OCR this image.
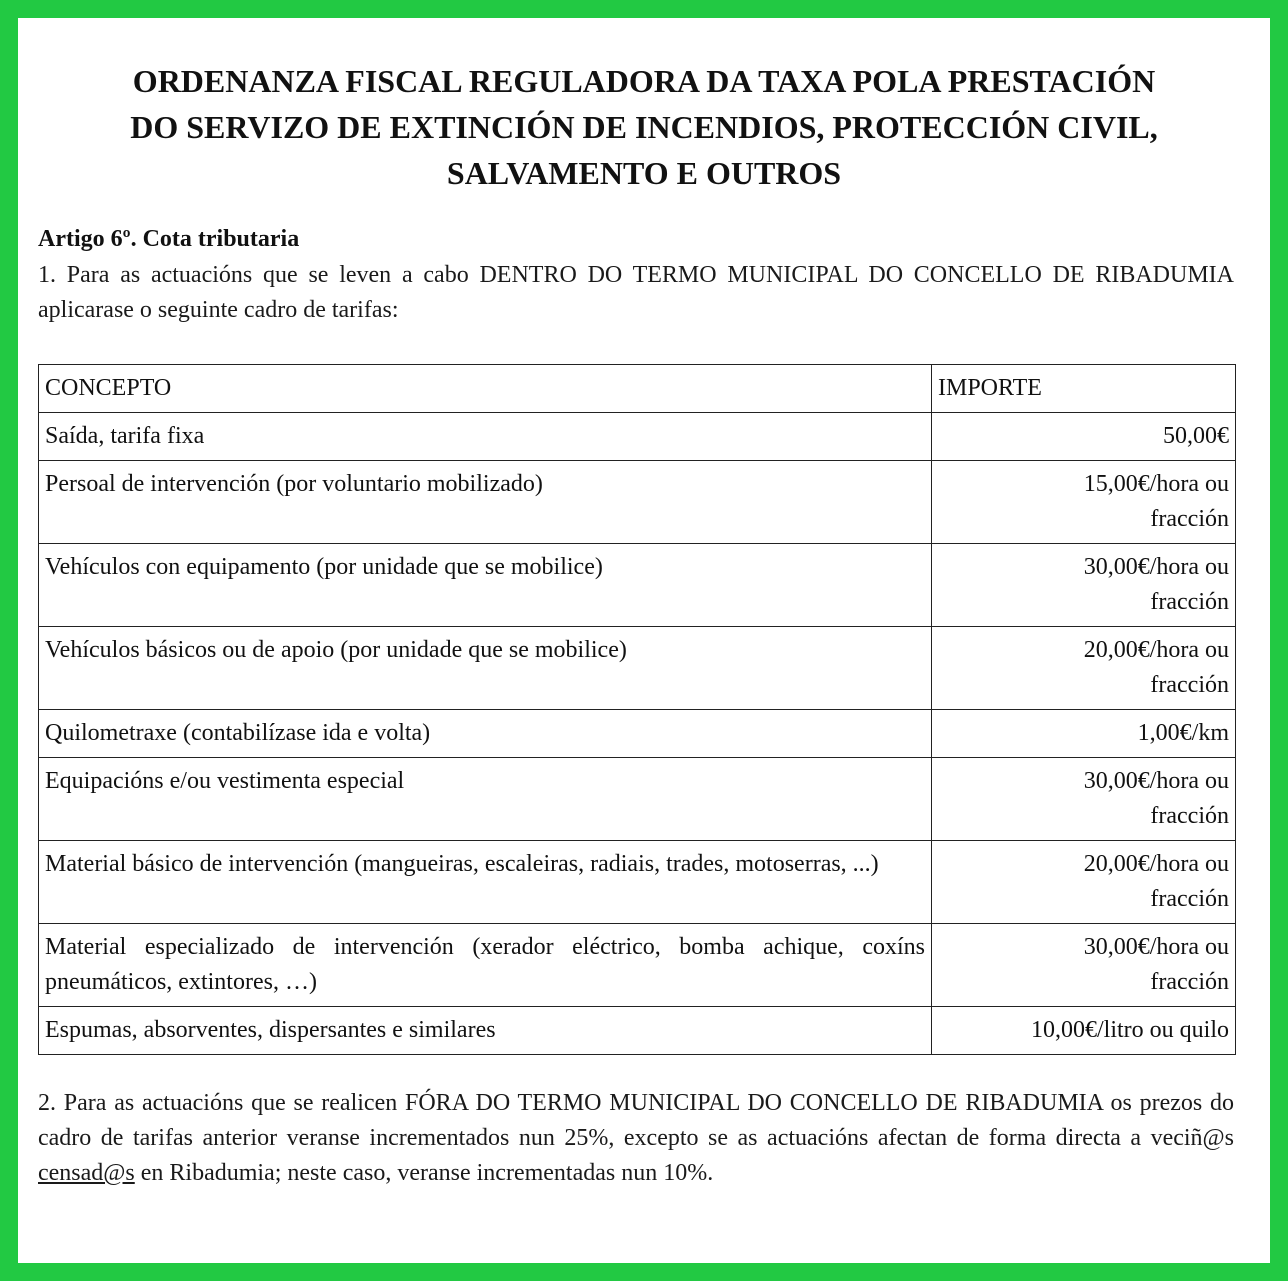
ORDENANZA FISCAL REGULADORA DA TAXA POLA PRESTACIÓN
DO SERVIZO DE EXTINCIÓN DE INCENDIOS, PROTECCIÓN CIVIL,
SALVAMENTO E OUTROS
Artigo 6º. Cota tributaria
1. Para as actuacións que se leven a cabo DENTRO DO TERMO MUNICIPAL DO CONCELLO DE RIBADUMIA aplicarase o seguinte cadro de tarifas:
CONCEPTO	IMPORTE
Saída, tarifa fixa	50,00€

Persoal de intervención (por voluntario mobilizado)	15,00€/hora ou
fracción

Vehículos con equipamento (por unidade que se mobilice)	30,00€/hora ou
fracción

Vehículos básicos ou de apoio (por unidade que se mobilice)	20,00€/hora ou
fracción

Quilometraxe (contabilízase ida e volta)	1,00€/km

Equipacións e/ou vestimenta especial	30,00€/hora ou
fracción

Material básico de intervención (mangueiras, escaleiras, radiais, trades, motoserras, ...)	20,00€/hora ou
fracción

Material especializado de intervención (xerador eléctrico, bomba achique, coxíns pneumáticos, extintores, …)	30,00€/hora ou
fracción

Espumas, absorventes, dispersantes e similares	10,00€/litro ou quilo
2. Para as actuacións que se realicen FÓRA DO TERMO MUNICIPAL DO CONCELLO DE RIBADUMIA os prezos do cadro de tarifas anterior veranse incrementados nun 25%, excepto se as actuacións afectan de forma directa a veciñ@s censad@s en Ribadumia; neste caso, veranse incrementadas nun 10%.
